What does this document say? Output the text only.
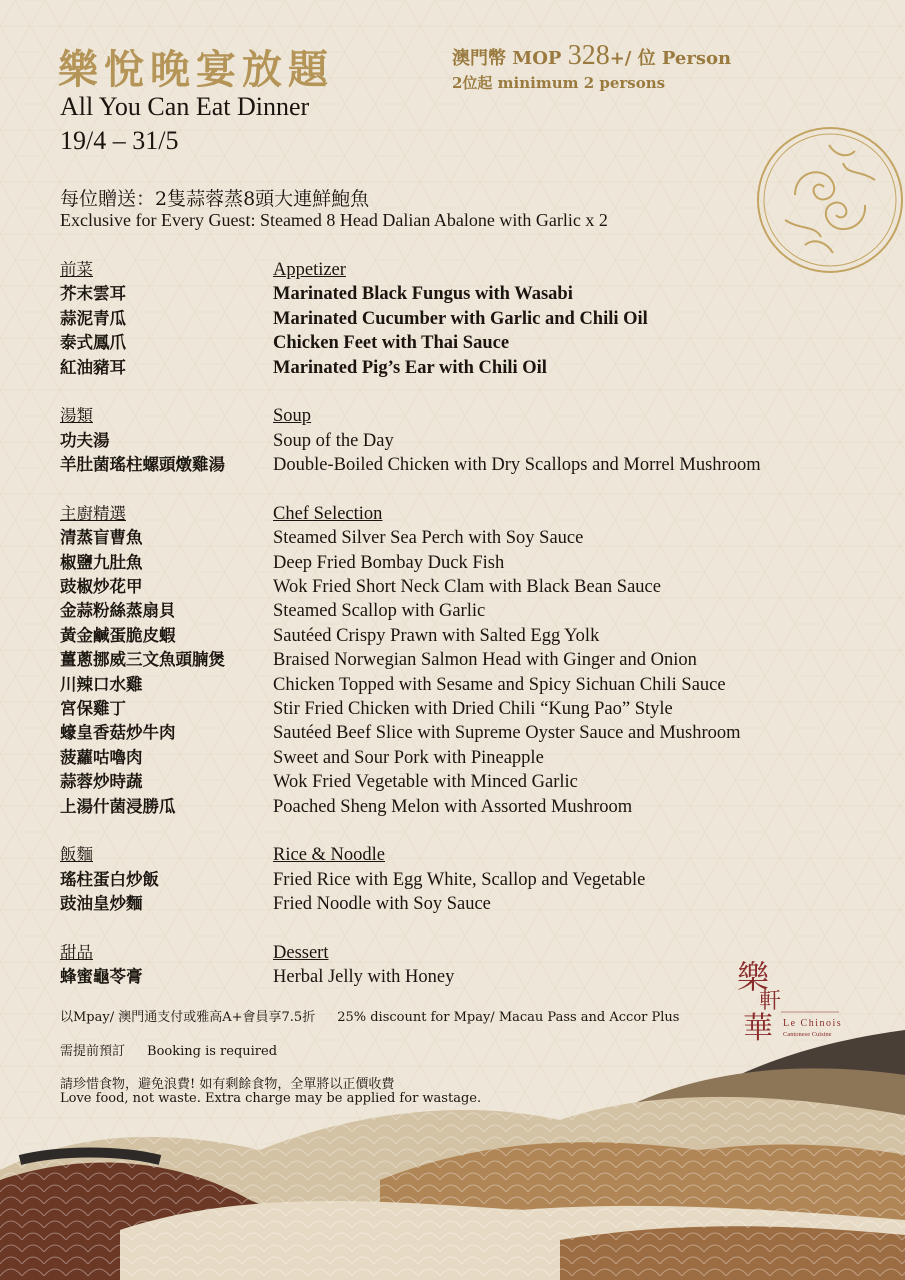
樂悅晚宴放題
All You Can Eat Dinner
19/4 – 31/5
澳門幣 MOP 328+/ 位 Person
2位起 minimum 2 persons
每位贈送：2隻蒜蓉蒸8頭大連鮮鮑魚
Exclusive for Every Guest: Steamed 8 Head Dalian Abalone with Garlic x 2
前菜	Appetizer
芥末雲耳	Marinated Black Fungus with Wasabi
蒜泥青瓜	Marinated Cucumber with Garlic and Chili Oil
泰式鳳爪	Chicken Feet with Thai Sauce
紅油豬耳	Marinated Pig’s Ear with Chili Oil
湯類	Soup
功夫湯	Soup of the Day
羊肚菌瑤柱螺頭燉雞湯	Double-Boiled Chicken with Dry Scallops and Morrel Mushroom
主廚精選	Chef Selection
清蒸盲曹魚	Steamed Silver Sea Perch with Soy Sauce
椒鹽九肚魚	Deep Fried Bombay Duck Fish
豉椒炒花甲	Wok Fried Short Neck Clam with Black Bean Sauce
金蒜粉絲蒸扇貝	Steamed Scallop with Garlic
黃金鹹蛋脆皮蝦	Sautéed Crispy Prawn with Salted Egg Yolk
薑蔥挪威三文魚頭腩煲	Braised Norwegian Salmon Head with Ginger and Onion
川辣口水雞	Chicken Topped with Sesame and Spicy Sichuan Chili Sauce
宮保雞丁	Stir Fried Chicken with Dried Chili “Kung Pao” Style
蠔皇香菇炒牛肉	Sautéed Beef Slice with Supreme Oyster Sauce and Mushroom
菠蘿咕嚕肉	Sweet and Sour Pork with Pineapple
蒜蓉炒時蔬	Wok Fried Vegetable with Minced Garlic
上湯什菌浸勝瓜	Poached Sheng Melon with Assorted Mushroom
飯麵	Rice & Noodle
瑤柱蛋白炒飯	Fried Rice with Egg White, Scallop and Vegetable
豉油皇炒麵	Fried Noodle with Soy Sauce
甜品	Dessert
蜂蜜龜苓膏	Herbal Jelly with Honey
以Mpay/ 澳門通支付或雅高A+會員享7.5折 25% discount for Mpay/ Macau Pass and Accor Plus
需提前預訂 Booking is required
請珍惜食物，避免浪費! 如有剩餘食物，全單將以正價收費
Love food, not waste. Extra charge may be applied for wastage.
樂
軒
華 Le Chinois
Cantonese Cuisine
